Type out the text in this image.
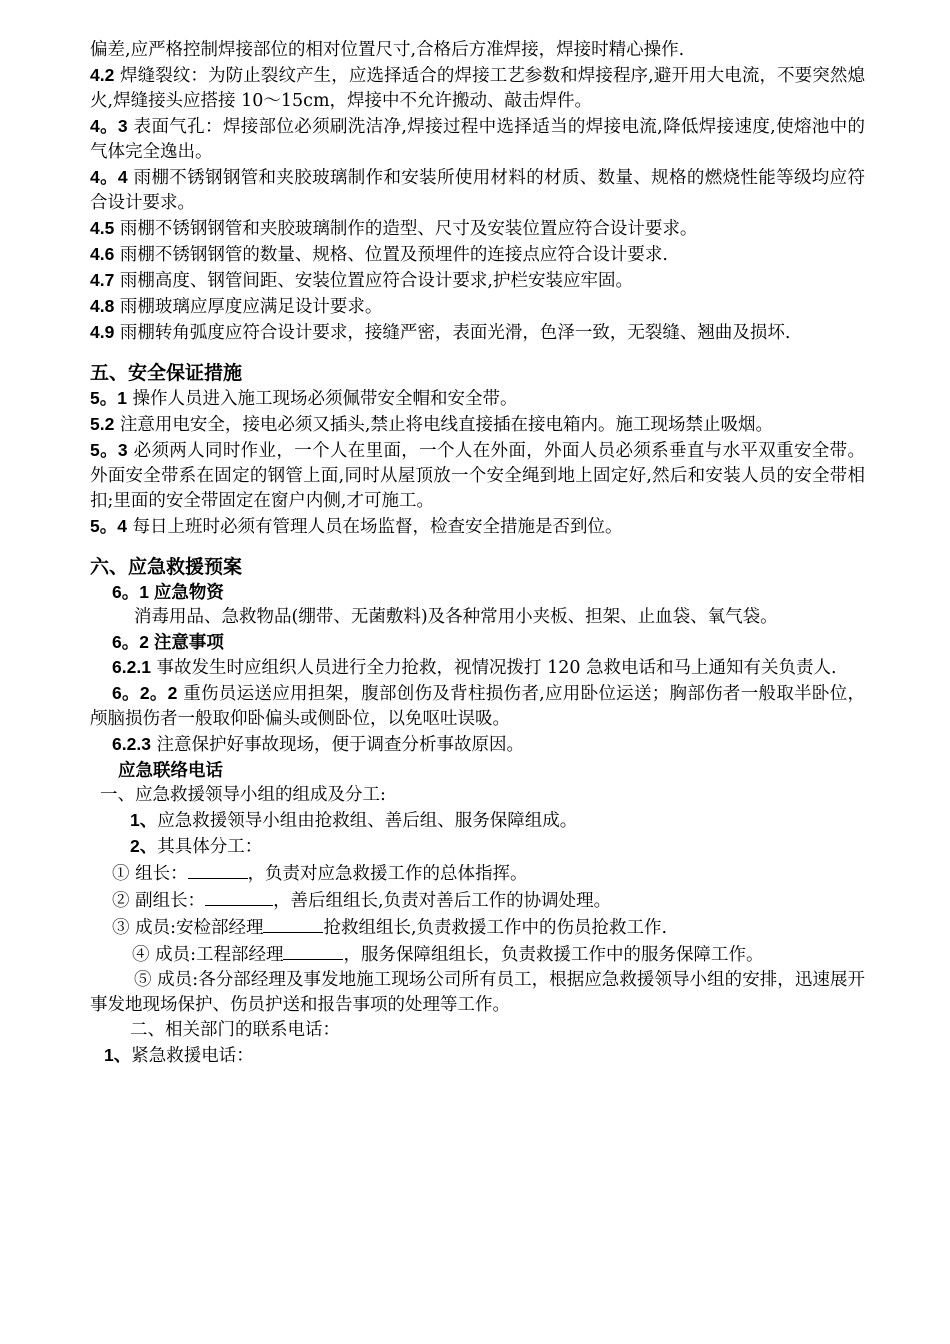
偏差,应严格控制焊接部位的相对位置尺寸,合格后方准焊接，焊接时精心操作.

4.2 焊缝裂纹：为防止裂纹产生，应选择适合的焊接工艺参数和焊接程序,避开用大电流，不要突然熄火,焊缝接头应搭接 10～15cm，焊接中不允许搬动、敲击焊件。

4。3 表面气孔：焊接部位必须刷洗洁净,焊接过程中选择适当的焊接电流,降低焊接速度,使熔池中的气体完全逸出。

4。4 雨棚不锈钢钢管和夹胶玻璃制作和安装所使用材料的材质、数量、规格的燃烧性能等级均应符合设计要求。

4.5 雨棚不锈钢钢管和夹胶玻璃制作的造型、尺寸及安装位置应符合设计要求。

4.6 雨棚不锈钢钢管的数量、规格、位置及预埋件的连接点应符合设计要求.

4.7 雨棚高度、钢管间距、安装位置应符合设计要求,护栏安装应牢固。

4.8 雨棚玻璃应厚度应满足设计要求。

4.9 雨棚转角弧度应符合设计要求，接缝严密，表面光滑，色泽一致，无裂缝、翘曲及损坏.

五、安全保证措施

5。1 操作人员进入施工现场必须佩带安全帽和安全带。

5.2 注意用电安全，接电必须又插头,禁止将电线直接插在接电箱内。施工现场禁止吸烟。

5。3 必须两人同时作业，一个人在里面，一个人在外面，外面人员必须系垂直与水平双重安全带。外面安全带系在固定的钢管上面,同时从屋顶放一个安全绳到地上固定好,然后和安装人员的安全带相扣;里面的安全带固定在窗户内侧,才可施工。

5。4 每日上班时必须有管理人员在场监督，检查安全措施是否到位。

六、应急救援预案

6。1 应急物资

消毒用品、急救物品(绷带、无菌敷料)及各种常用小夹板、担架、止血袋、氧气袋。

6。2 注意事项

6.2.1 事故发生时应组织人员进行全力抢救，视情况拨打 120 急救电话和马上通知有关负责人.

6。2。2 重伤员运送应用担架，腹部创伤及背柱损伤者,应用卧位运送；胸部伤者一般取半卧位，颅脑损伤者一般取仰卧偏头或侧卧位，以免呕吐误吸。

6.2.3 注意保护好事故现场，便于调查分析事故原因。

应急联络电话

一、应急救援领导小组的组成及分工:

1、应急救援领导小组由抢救组、善后组、服务保障组成。

2、其具体分工：

① 组长：	，负责对应急救援工作的总体指挥。

② 副组长：	，善后组组长,负责对善后工作的协调处理。

③ 成员:安检部经理	抢救组组长,负责救援工作中的伤员抢救工作.

④ 成员:工程部经理	，服务保障组组长，负责救援工作中的服务保障工作。

⑤ 成员:各分部经理及事发地施工现场公司所有员工，根据应急救援领导小组的安排，迅速展开事发地现场保护、伤员护送和报告事项的处理等工作。

二、相关部门的联系电话：

1、紧急救援电话：
